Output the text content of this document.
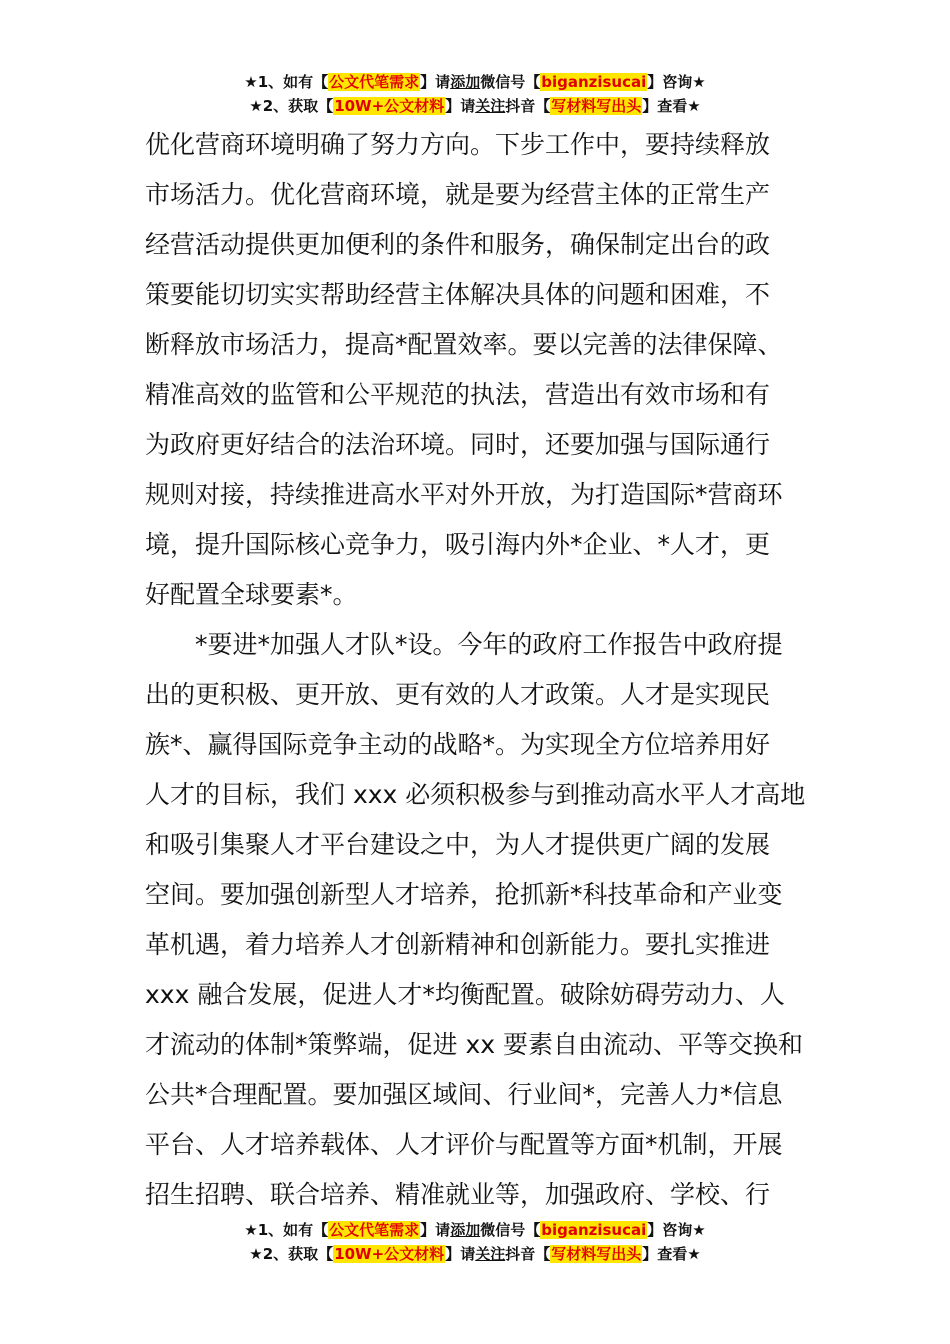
★1、如有【公文代笔需求】请添加微信号【biganzisucai】咨询★
★2、获取【10W+公文材料】请关注抖音【写材料写出头】查看★
优化营商环境明确了努力方向。下步工作中，要持续释放
市场活力。优化营商环境，就是要为经营主体的正常生产
经营活动提供更加便利的条件和服务，确保制定出台的政
策要能切切实实帮助经营主体解决具体的问题和困难，不
断释放市场活力，提高*配置效率。要以完善的法律保障、
精准高效的监管和公平规范的执法，营造出有效市场和有
为政府更好结合的法治环境。同时，还要加强与国际通行
规则对接，持续推进高水平对外开放，为打造国际*营商环
境，提升国际核心竞争力，吸引海内外*企业、*人才，更
好配置全球要素*。
*要进*加强人才队*设。今年的政府工作报告中政府提
出的更积极、更开放、更有效的人才政策。人才是实现民
族*、赢得国际竞争主动的战略*。为实现全方位培养用好
人才的目标，我们 xxx 必须积极参与到推动高水平人才高地
和吸引集聚人才平台建设之中，为人才提供更广阔的发展
空间。要加强创新型人才培养，抢抓新*科技革命和产业变
革机遇，着力培养人才创新精神和创新能力。要扎实推进
xxx 融合发展，促进人才*均衡配置。破除妨碍劳动力、人
才流动的体制*策弊端，促进 xx 要素自由流动、平等交换和
公共*合理配置。要加强区域间、行业间*，完善人力*信息
平台、人才培养载体、人才评价与配置等方面*机制，开展
招生招聘、联合培养、精准就业等，加强政府、学校、行
★1、如有【公文代笔需求】请添加微信号【biganzisucai】咨询★
★2、获取【10W+公文材料】请关注抖音【写材料写出头】查看★
